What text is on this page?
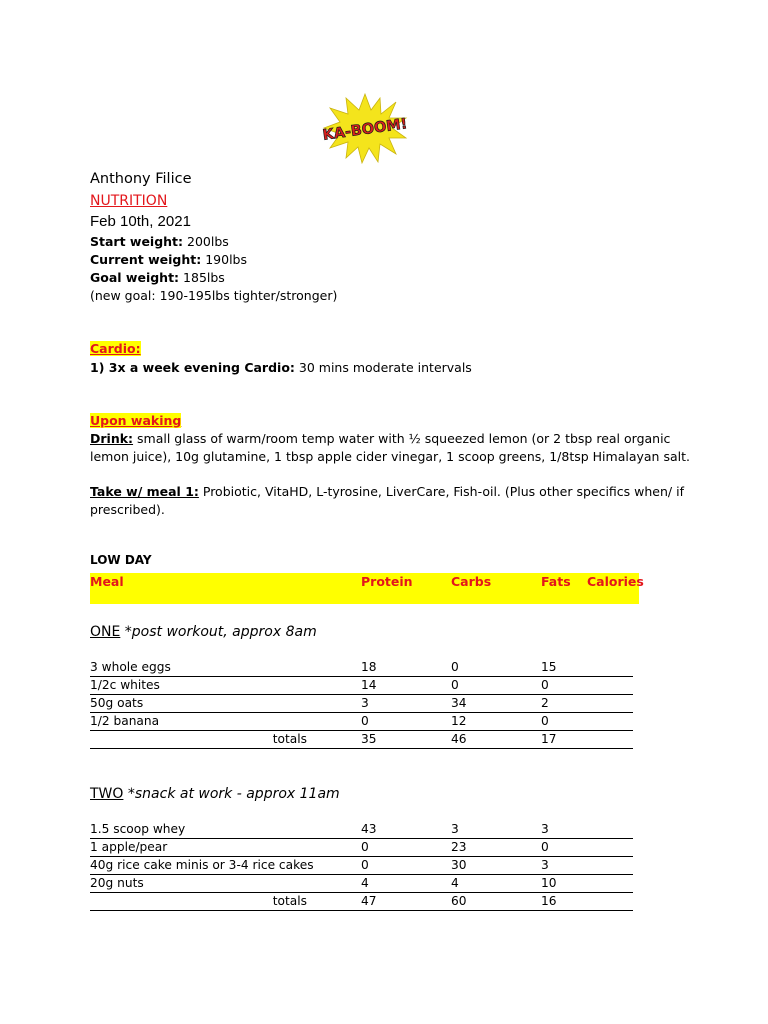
KA-BOOM!
Anthony Filice
NUTRITION
Feb 10th, 2021
Start weight: 200lbs
Current weight: 190lbs
Goal weight: 185lbs
(new goal: 190-195lbs tighter/stronger)
Cardio:
1) 3x a week evening Cardio: 30 mins moderate intervals
Upon waking
Drink: small glass of warm/room temp water with ½ squeezed lemon (or 2 tbsp real organic lemon juice), 10g glutamine, 1 tbsp apple cider vinegar, 1 scoop greens, 1/8tsp Himalayan salt.
Take w/ meal 1: Probiotic, VitaHD, L-tyrosine, LiverCare, Fish-oil. (Plus other specifics when/ if prescribed).
LOW DAY
Meal	Protein	Carbs	Fats Calories
ONE *post workout, approx 8am
3 whole eggs	18	0	15
1/2c whites	14	0	0
50g oats	3	34	2
1/2 banana	0	12	0
totals	35	46	17
TWO *snack at work - approx 11am
1.5 scoop whey	43	3	3
1 apple/pear	0	23	0
40g rice cake minis or 3-4 rice cakes	0	30	3
20g nuts	4	4	10
totals	47	60	16
